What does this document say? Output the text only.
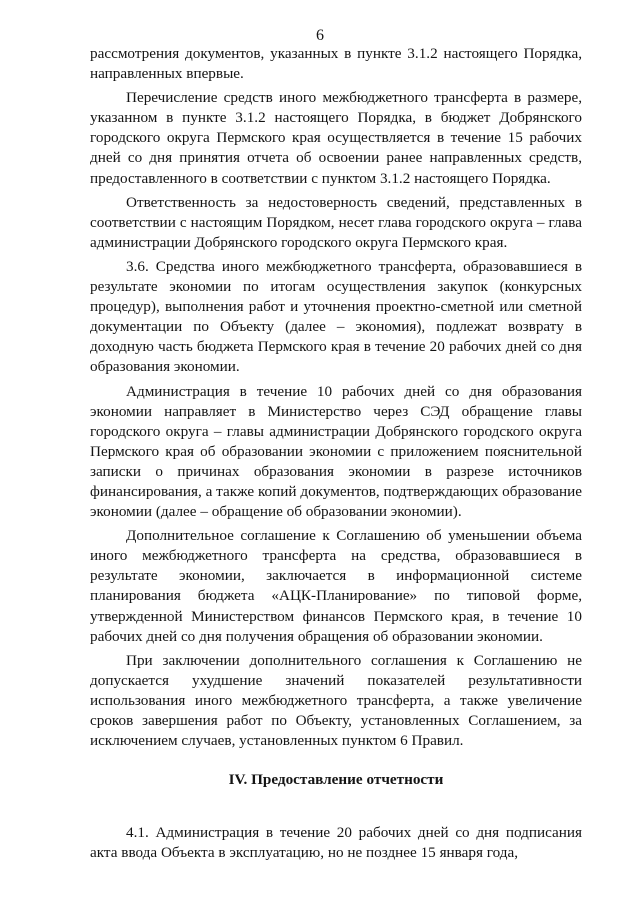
6

рассмотрения документов, указанных в пункте 3.1.2 настоящего Порядка, направленных впервые.

Перечисление средств иного межбюджетного трансферта в размере, указанном в пункте 3.1.2 настоящего Порядка, в бюджет Добрянского городского округа Пермского края осуществляется в течение 15 рабочих дней со дня принятия отчета об освоении ранее направленных средств, предоставленного в соответствии с пунктом 3.1.2 настоящего Порядка.

Ответственность за недостоверность сведений, представленных в соответствии с настоящим Порядком, несет глава городского округа – глава администрации Добрянского городского округа Пермского края.

3.6. Средства иного межбюджетного трансферта, образовавшиеся в результате экономии по итогам осуществления закупок (конкурсных процедур), выполнения работ и уточнения проектно-сметной или сметной документации по Объекту (далее – экономия), подлежат возврату в доходную часть бюджета Пермского края в течение 20 рабочих дней со дня образования экономии.

Администрация в течение 10 рабочих дней со дня образования экономии направляет в Министерство через СЭД обращение главы городского округа – главы администрации Добрянского городского округа Пермского края об образовании экономии с приложением пояснительной записки о причинах образования экономии в разрезе источников финансирования, а также копий документов, подтверждающих образование экономии (далее – обращение об образовании экономии).

Дополнительное соглашение к Соглашению об уменьшении объема иного межбюджетного трансферта на средства, образовавшиеся в результате экономии, заключается в информационной системе планирования бюджета «АЦК-Планирование» по типовой форме, утвержденной Министерством финансов Пермского края, в течение 10 рабочих дней со дня получения обращения об образовании экономии.

При заключении дополнительного соглашения к Соглашению не допускается ухудшение значений показателей результативности использования иного межбюджетного трансферта, а также увеличение сроков завершения работ по Объекту, установленных Соглашением, за исключением случаев, установленных пунктом 6 Правил.

IV. Предоставление отчетности

4.1. Администрация в течение 20 рабочих дней со дня подписания акта ввода Объекта в эксплуатацию, но не позднее 15 января года,
